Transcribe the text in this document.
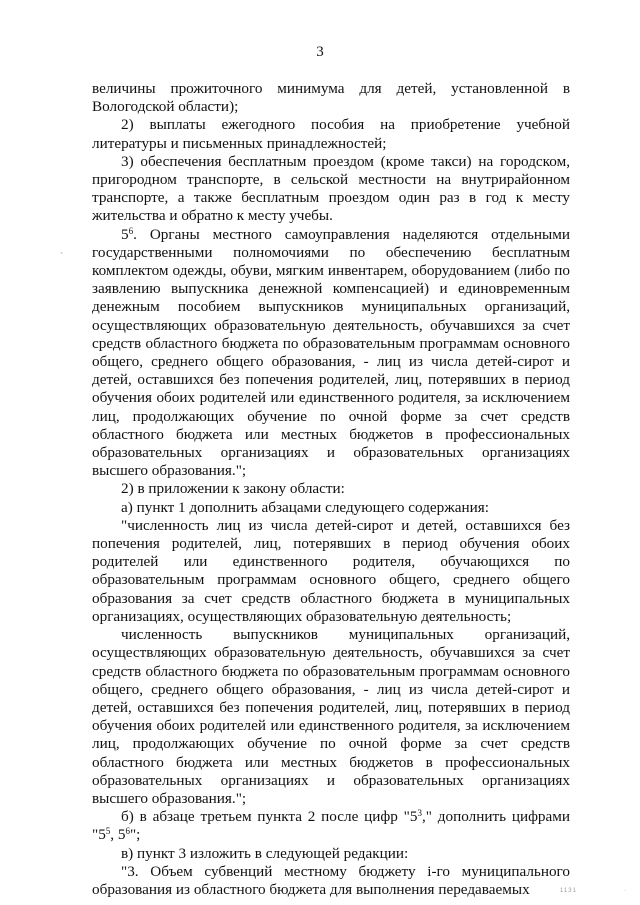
3
`

величины прожиточного минимума для детей, установленной в Вологодской области);

2) выплаты ежегодного пособия на приобретение учебной литературы и письменных принадлежностей;

3) обеспечения бесплатным проездом (кроме такси) на городском, пригородном транспорте, в сельской местности на внутрирайонном транспорте, а также бесплатным проездом один раз в год к месту жительства и обратно к месту учебы.

$5^6$. Органы местного самоуправления наделяются отдельными государственными полномочиями по обеспечению бесплатным комплектом одежды, обуви, мягким инвентарем, оборудованием (либо по заявлению выпускника денежной компенсацией) и единовременным денежным пособием выпускников муниципальных организаций, осуществляющих образовательную деятельность, обучавшихся за счет средств областного бюджета по образовательным программам основного общего, среднего общего образования, - лиц из числа детей-сирот и детей, оставшихся без попечения родителей, лиц, потерявших в период обучения обоих родителей или единственного родителя, за исключением лиц, продолжающих обучение по очной форме за счет средств областного бюджета или местных бюджетов в профессиональных образовательных организациях и образовательных организациях высшего образования.";

2) в приложении к закону области:

а) пункт 1 дополнить абзацами следующего содержания:

"численность лиц из числа детей-сирот и детей, оставшихся без попечения родителей, лиц, потерявших в период обучения обоих родителей или единственного родителя, обучающихся по образовательным программам основного общего, среднего общего образования за счет средств областного бюджета в муниципальных организациях, осуществляющих образовательную деятельность;

численность выпускников муниципальных организаций, осуществляющих образовательную деятельность, обучавшихся за счет средств областного бюджета по образовательным программам основного общего, среднего общего образования, - лиц из числа детей-сирот и детей, оставшихся без попечения родителей, лиц, потерявших в период обучения обоих родителей или единственного родителя, за исключением лиц, продолжающих обучение по очной форме за счет средств областного бюджета или местных бюджетов в профессиональных образовательных организациях и образовательных организациях высшего образования.";

б) в абзаце третьем пункта 2 после цифр "$5^3$," дополнить цифрами "$5^5$, $5^6$";

в) пункт 3 изложить в следующей редакции:

"3. Объем субвенций местному бюджету i-го муниципального образования из областного бюджета для выполнения передаваемых	1131	·
